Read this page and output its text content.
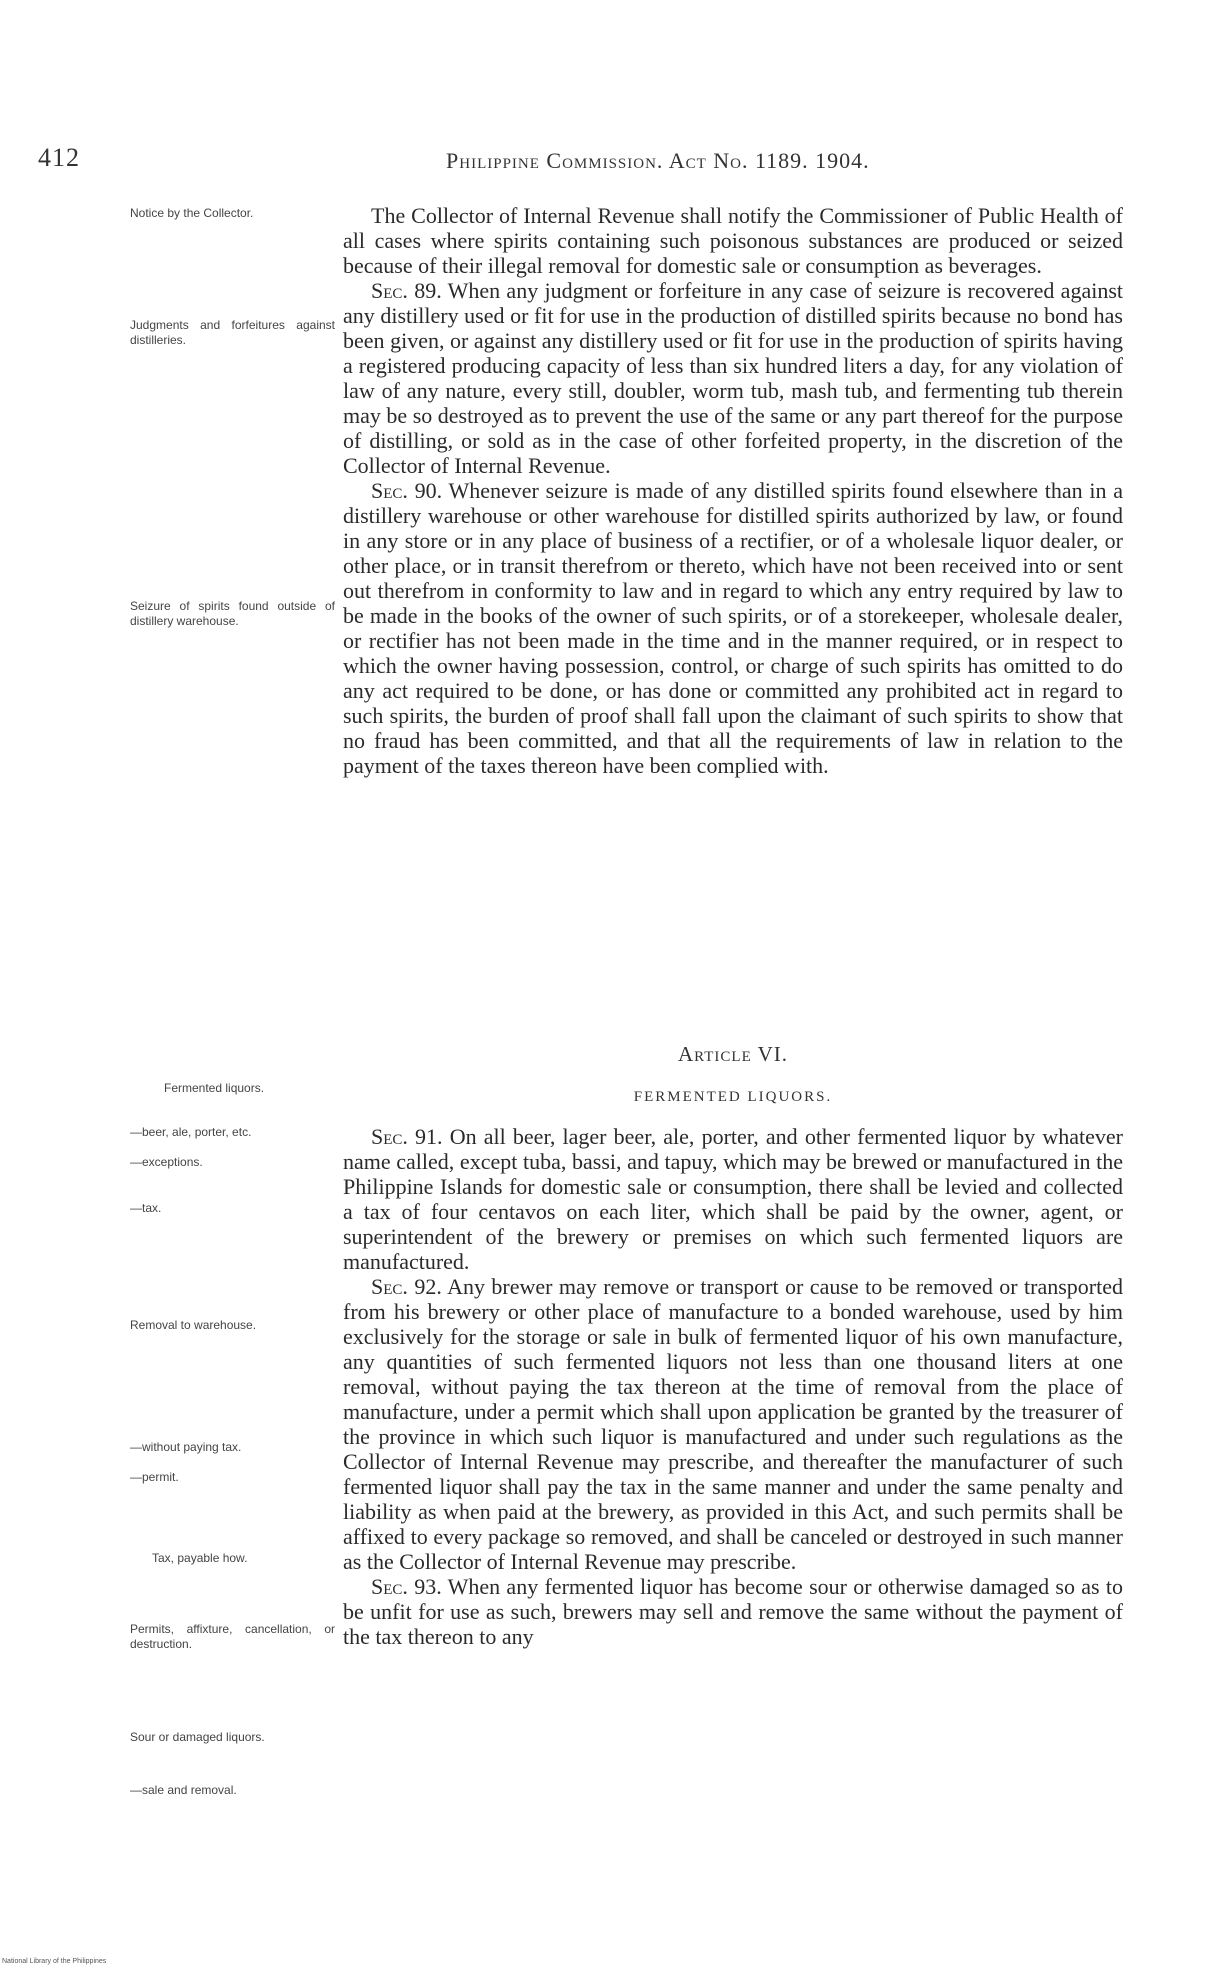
412	Philippine Commission. Act No. 1189. 1904.
Notice by the Collector.
Judgments and forfeitures against distilleries.
Seizure of spirits found outside of distillery warehouse.
Fermented liquors.
—beer, ale, porter, etc.
—exceptions.
—tax.
Removal to warehouse.
—without paying tax.
—permit.
Tax, payable how.
Permits, affixture, cancellation, or destruction.
Sour or damaged liquors.
—sale and removal.

The Collector of Internal Revenue shall notify the Commissioner of Public Health of all cases where spirits containing such poisonous substances are produced or seized because of their illegal removal for domestic sale or consumption as beverages.

Sec. 89. When any judgment or forfeiture in any case of seizure is recovered against any distillery used or fit for use in the production of distilled spirits because no bond has been given, or against any distillery used or fit for use in the production of spirits having a registered producing capacity of less than six hundred liters a day, for any violation of law of any nature, every still, doubler, worm tub, mash tub, and fermenting tub therein may be so destroyed as to prevent the use of the same or any part thereof for the purpose of distilling, or sold as in the case of other forfeited property, in the discretion of the Collector of Internal Revenue.

Sec. 90. Whenever seizure is made of any distilled spirits found elsewhere than in a distillery warehouse or other warehouse for distilled spirits authorized by law, or found in any store or in any place of business of a rectifier, or of a wholesale liquor dealer, or other place, or in transit therefrom or thereto, which have not been received into or sent out therefrom in conformity to law and in regard to which any entry required by law to be made in the books of the owner of such spirits, or of a storekeeper, wholesale dealer, or rectifier has not been made in the time and in the manner required, or in respect to which the owner having possession, control, or charge of such spirits has omitted to do any act required to be done, or has done or committed any prohibited act in regard to such spirits, the burden of proof shall fall upon the claimant of such spirits to show that no fraud has been committed, and that all the requirements of law in relation to the payment of the taxes thereon have been complied with.

Article VI.
FERMENTED LIQUORS.

Sec. 91. On all beer, lager beer, ale, porter, and other fermented liquor by whatever name called, except tuba, bassi, and tapuy, which may be brewed or manufactured in the Philippine Islands for domestic sale or consumption, there shall be levied and collected a tax of four centavos on each liter, which shall be paid by the owner, agent, or superintendent of the brewery or premises on which such fermented liquors are manufactured.

Sec. 92. Any brewer may remove or transport or cause to be removed or transported from his brewery or other place of manufacture to a bonded warehouse, used by him exclusively for the storage or sale in bulk of fermented liquor of his own manufacture, any quantities of such fermented liquors not less than one thousand liters at one removal, without paying the tax thereon at the time of removal from the place of manufacture, under a permit which shall upon application be granted by the treasurer of the province in which such liquor is manufactured and under such regulations as the Collector of Internal Revenue may prescribe, and thereafter the manufacturer of such fermented liquor shall pay the tax in the same manner and under the same penalty and liability as when paid at the brewery, as provided in this Act, and such permits shall be affixed to every package so removed, and shall be canceled or destroyed in such manner as the Collector of Internal Revenue may prescribe.

Sec. 93. When any fermented liquor has become sour or otherwise damaged so as to be unfit for use as such, brewers may sell and remove the same without the payment of the tax thereon to any

National Library of the Philippines
